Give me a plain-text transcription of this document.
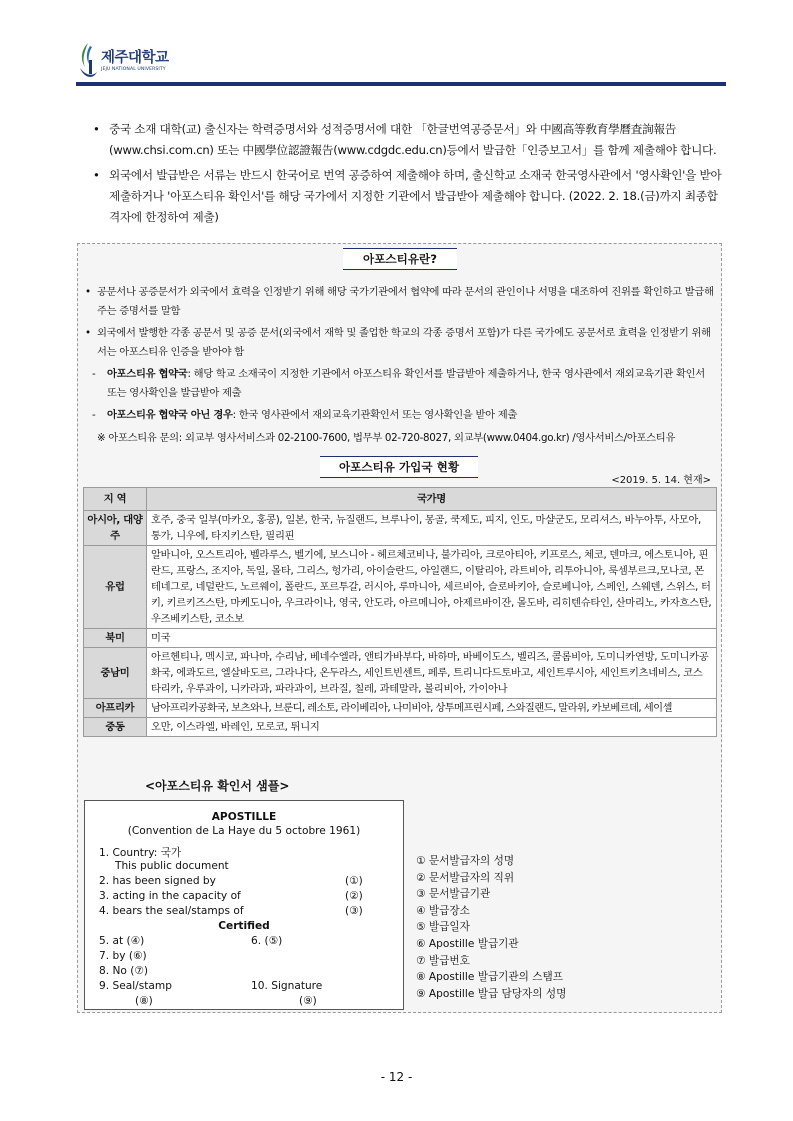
제주대학교
JEJU NATIONAL UNIVERSITY
• 중국 소재 대학(교) 출신자는 학력증명서와 성적증명서에 대한 「한글번역공증문서」와 中國高等敎育學曆査詢報告(www.chsi.com.cn) 또는 中國學位認證報告(www.cdgdc.edu.cn)등에서 발급한「인증보고서」를 함께 제출해야 합니다.
• 외국에서 발급받은 서류는 반드시 한국어로 번역 공증하여 제출해야 하며, 출신학교 소재국 한국영사관에서 '영사확인'을 받아 제출하거나 '아포스티유 확인서'를 해당 국가에서 지정한 기관에서 발급받아 제출해야 합니다. (2022. 2. 18.(금)까지 최종합격자에 한정하여 제출)
아포스티유란?
• 공문서나 공증문서가 외국에서 효력을 인정받기 위해 해당 국가기관에서 협약에 따라 문서의 관인이나 서명을 대조하여 진위를 확인하고 발급해 주는 증명서를 말함
• 외국에서 발행한 각종 공문서 및 공증 문서(외국에서 재학 및 졸업한 학교의 각종 증명서 포함)가 다른 국가에도 공문서로 효력을 인정받기 위해서는 아포스티유 인증을 받아야 함
- 아포스티유 협약국: 해당 학교 소재국이 지정한 기관에서 아포스티유 확인서를 발급받아 제출하거나, 한국 영사관에서 재외교육기관 확인서 또는 영사확인을 발급받아 제출
- 아포스티유 협약국 아닌 경우: 한국 영사관에서 재외교육기관확인서 또는 영사확인을 받아 제출
※ 아포스티유 문의: 외교부 영사서비스과 02-2100-7600, 법무부 02-720-8027, 외교부(www.0404.go.kr) /영사서비스/아포스티유
아포스티유 가입국 현황
<2019. 5. 14. 현재>
지 역	국가명
아시아, 대양주	호주, 중국 일부(마카오, 홍콩), 일본, 한국, 뉴질랜드, 브루나이, 몽골, 쿡제도, 피지, 인도, 마샬군도, 모리셔스, 바누아투, 사모아, 통가, 니우에, 타지키스탄, 필리핀
유럽	알바니아, 오스트리아, 벨라루스, 벨기에, 보스니아 - 헤르체코비나, 불가리아, 크로아티아, 키프로스, 체코, 덴마크, 에스토니아, 핀란드, 프랑스, 조지아, 독일, 몰타, 그리스, 헝가리, 아이슬란드, 아일랜드, 이탈리아, 라트비아, 리투아니아, 룩셈부르크,모나코, 몬테네그로, 네덜란드, 노르웨이, 폴란드, 포르투갈, 러시아, 루마니아, 세르비아, 슬로바키아, 슬로베니아, 스페인, 스웨덴, 스위스, 터키, 키르키즈스탄, 마케도니아, 우크라이나, 영국, 안도라, 아르메니아, 아제르바이잔, 몰도바, 리히텐슈타인, 산마리노, 카자흐스탄, 우즈베키스탄, 코소보
북미	미국
중남미	아르헨티나, 멕시코, 파나마, 수리남, 베네수엘라, 앤티가바부다, 바하마, 바베이도스, 벨리즈, 콜롬비아, 도미니카연방, 도미니카공화국, 에콰도르, 엘살바도르, 그라나다, 온두라스, 세인트빈센트, 페루, 트리니다드토바고, 세인트루시아, 세인트키츠네비스, 코스타리카, 우루과이, 니카라과, 파라과이, 브라질, 칠레, 과테말라, 볼리비아, 가이아나
아프리카	남아프리카공화국, 보츠와나, 브룬디, 레소토, 라이베리아, 나미비아, 상투메프린시페, 스와질랜드, 말라위, 카보베르데, 세이셸
중동	오만, 이스라엘, 바레인, 모로코, 튀니지
<아포스티유 확인서 샘플>
APOSTILLE
(Convention de La Haye du 5 octobre 1961)
1. Country: 국가
This public document
2. has been signed by	(①)
3. acting in the capacity of	(②)
4. bears the seal/stamps of	(③)
Certified
5. at (④)	6. (⑤)
7. by (⑥)
8. No (⑦)
9. Seal/stamp	10. Signature
(⑧)	(⑨)
① 문서발급자의 성명
② 문서발급자의 직위
③ 문서발급기관
④ 발급장소
⑤ 발급일자
⑥ Apostille 발급기관
⑦ 발급번호
⑧ Apostille 발급기관의 스탬프
⑨ Apostille 발급 담당자의 성명
- 12 -
